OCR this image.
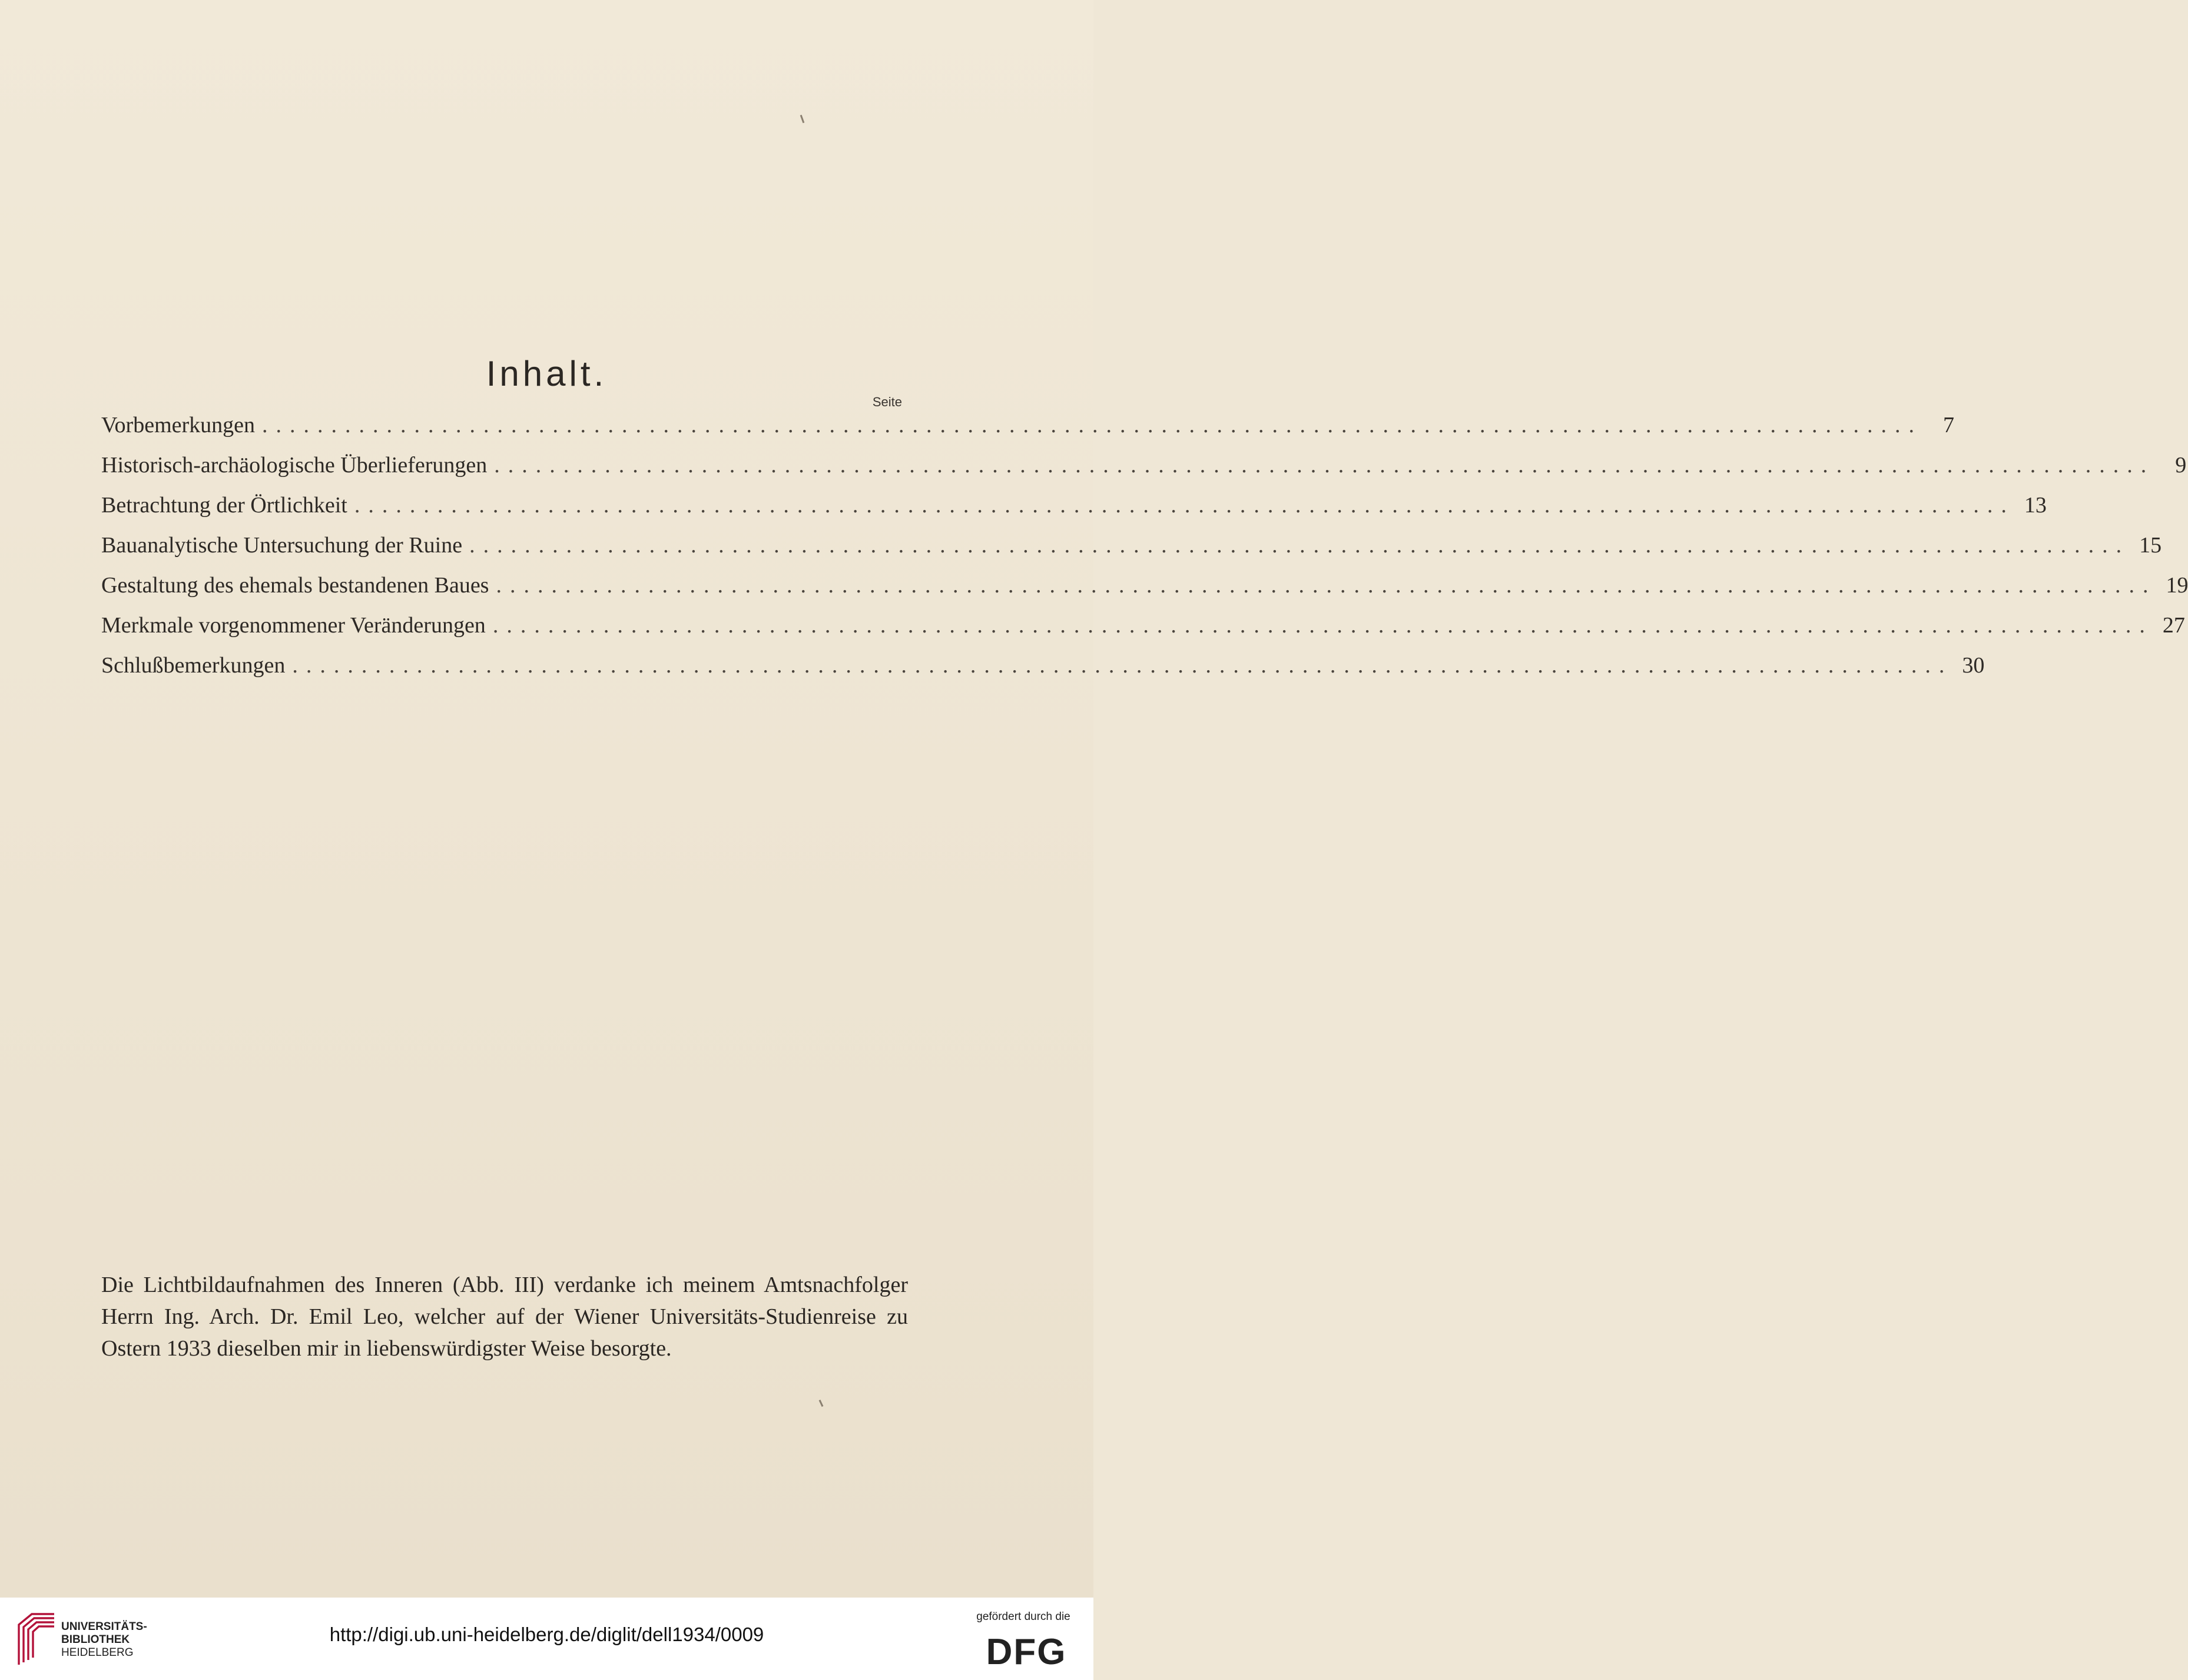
Inhalt.
Seite
Vorbemerkungen ........................................................................................................................ 7
Historisch-archäologische Überlieferungen ........................................................................................................................ 9
Betrachtung der Örtlichkeit ........................................................................................................................ 13
Bauanalytische Untersuchung der Ruine ........................................................................................................................ 15
Gestaltung des ehemals bestandenen Baues ........................................................................................................................ 19
Merkmale vorgenommener Veränderungen ........................................................................................................................ 27
Schlußbemerkungen ........................................................................................................................ 30

Die Lichtbildaufnahmen des Inneren (Abb. III) verdanke ich meinem Amtsnachfolger Herrn Ing. Arch. Dr. Emil Leo, welcher auf der Wiener Universitäts-Studienreise zu Ostern 1933 dieselben mir in liebenswürdigster Weise besorgte.

UNIVERSITÄTS-
BIBLIOTHEK
HEIDELBERG
http://digi.ub.uni-heidelberg.de/diglit/dell1934/0009
gefördert durch die
DFG
